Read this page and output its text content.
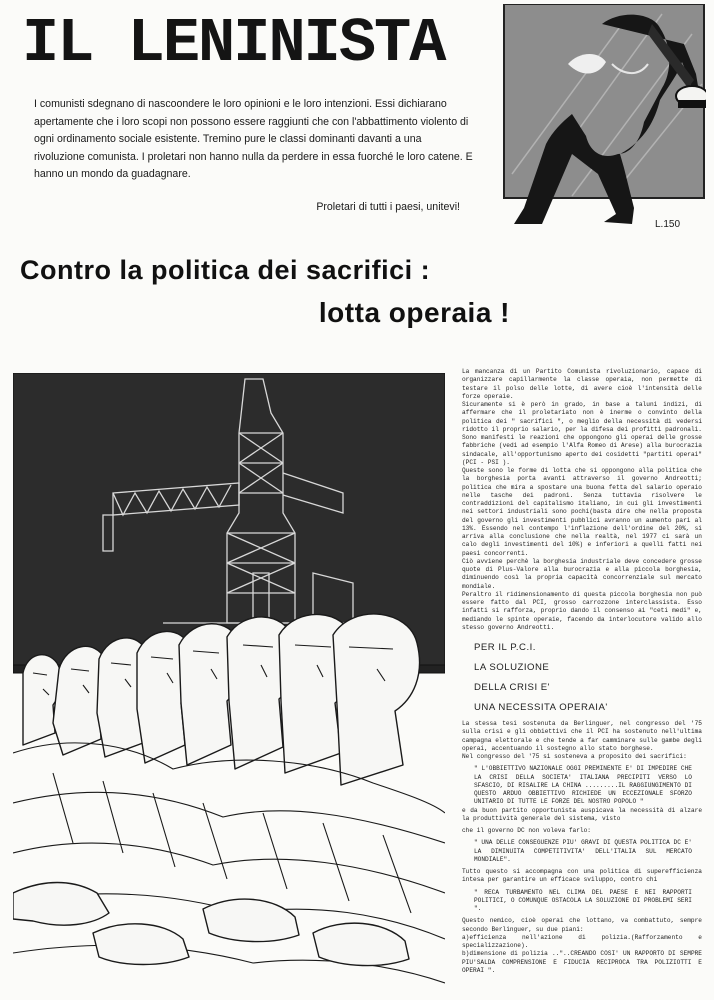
IL LENINISTA

I comunisti sdegnano di nascoondere le loro opinioni e le loro intenzioni. Essi dichiarano apertamente che i loro scopi non possono essere raggiunti che con l'abbattimento violento di ogni ordinamento sociale esistente. Tremino pure le classi dominanti davanti a una rivoluzione comunista. I proletari non hanno nulla da perdere in essa fuorché le loro catene. E hanno un mondo da guadagnare.

Proletari di tutti i paesi, unitevi!

L.150

Contro la politica dei sacrifici :
lotta operaia !

La mancanza di un Partito Comunista rivoluzionario, capace di organizzare capillarmente la classe operaia, non permette di testare il polso delle lotte, di avere cioè l'intensità delle forze operaie.

Sicuramente si è però in grado, in base a taluni indizi, di affermare che il proletariato non è inerme o convinto della politica dei " sacrifici ", o meglio della necessità di vedersi ridotto il proprio salario, per la difesa dei profitti padronali. Sono manifesti le reazioni che oppongono gli operai delle grosse fabbriche (vedi ad esempio l'Alfa Romeo di Arese) alla burocrazia sindacale, all'opportunismo aperto dei cosidetti "partiti operai" (PCI - PSI ).

Queste sono le forme di lotta che si oppongono alla politica che la borghesia porta avanti attraverso il governo Andreotti; politica che mira a spostare una buona fetta del salario operaio nelle tasche dei padroni. Senza tuttavia risolvere le contraddizioni del capitalismo italiano, in cui gli investimenti nei settori industriali sono pochi(basta dire che nella proposta del governo gli investimenti pubblici avranno un aumento pari al 13%. Essendo nel contempo l'inflazione dell'ordine del 20%, si arriva alla conclusione che nella realtà, nel 1977 ci sarà un calo degli investimenti del 10%) e inferiori a quelli fatti nei paesi concorrenti.

Ciò avviene perchè la borghesia industriale deve concedere grosse quote di Plus-Valore alla burocrazia e alla piccola borghesia, diminuendo così la propria capacità concorrenziale sul mercato mondiale.

Peraltro il ridimensionamento di questa piccola borghesia non può essere fatto dal PCI, grosso carrozzone interclassista. Esso infatti si rafforza, proprio dando il consenso ai "ceti medi" e, mediando le spinte operaie, facendo da interlocutore valido allo stesso governo Andreotti.

PER IL P.C.I.
LA SOLUZIONE
DELLA CRISI E'
UNA NECESSITA OPERAIA'

La stessa tesi sostenuta da Berlinguer, nel congresso del '75 sulla crisi e gli obbiettivi che il PCI ha sostenuto nell'ultima campagna elettorale e che tende a far camminare sulle gambe degli operai, accentuando il sostegno allo stato borghese.

Nel congresso del '75 si sosteneva a proposito dei sacrifici:

" L'OBBIETTIVO NAZIONALE OGGI PREMINENTE E' DI IMPEDIRE CHE LA CRISI DELLA SOCIETA' ITALIANA PRECIPITI VERSO LO SFASCIO, DI RISALIRE LA CHINA .........IL RAGGIUNGIMENTO DI QUESTO ARDUO OBBIETTIVO RICHIEDE UN ECCEZIONALE SFORZO UNITARIO DI TUTTE LE FORZE DEL NOSTRO POPOLO "

e da buon partito opportunista auspicava la necessità di alzare la produttività generale del sistema, visto

che il governo DC non voleva farlo:

" UNA DELLE CONSEGUENZE PIU' GRAVI DI QUESTA POLITICA DC E' LA DIMINUITA COMPETITIVITA' DELL'ITALIA SUL MERCATO MONDIALE".

Tutto questo si accompagna con una politica di superefficienza intesa per garantire un efficace sviluppo, contro chi

" RECA TURBAMENTO NEL CLIMA DEL PAESE E NEI RAPPORTI POLITICI, O COMUNQUE OSTACOLA LA SOLUZIONE DI PROBLEMI SERI ".

Questo nemico, cioè operai che lottano, va combattuto, sempre secondo Berlinguer, su due piani:

a)efficienza nell'azione di polizia.(Rafforzamento e specializzazione).

b)dimensione di polizia .."..CREANDO COSI' UN RAPPORTO DI SEMPRE PIU'SALDA COMPRENSIONE E FIDUCIA RECIPROCA TRA POLIZIOTTI E OPERAI ".
